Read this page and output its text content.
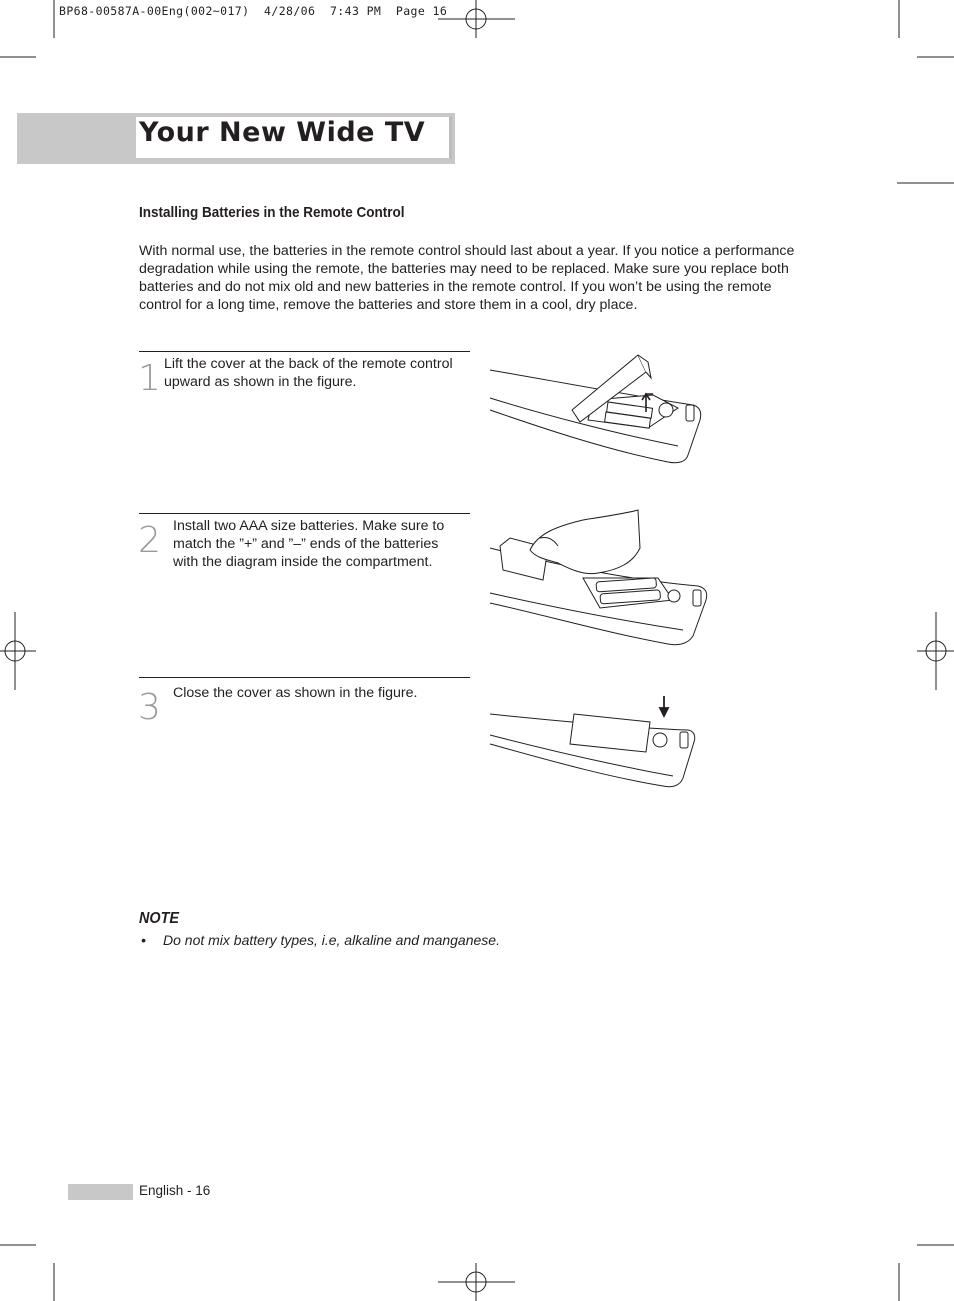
BP68-00587A-00Eng(002~017)  4/28/06  7:43 PM  Page 16
Your New Wide TV
Installing Batteries in the Remote Control
With normal use, the batteries in the remote control should last about a year. If you notice a performance
degradation while using the remote, the batteries may need to be replaced. Make sure you replace both
batteries and do not mix old and new batteries in the remote control. If you won’t be using the remote
control for a long time, remove the batteries and store them in a cool, dry place.
1 Lift the cover at the back of the remote control
upward as shown in the figure.
2 Install two AAA size batteries. Make sure to
match the ”+” and ”–” ends of the batteries
with the diagram inside the compartment.
3 Close the cover as shown in the figure.
NOTE
• Do not mix battery types, i.e, alkaline and manganese.
English - 16
